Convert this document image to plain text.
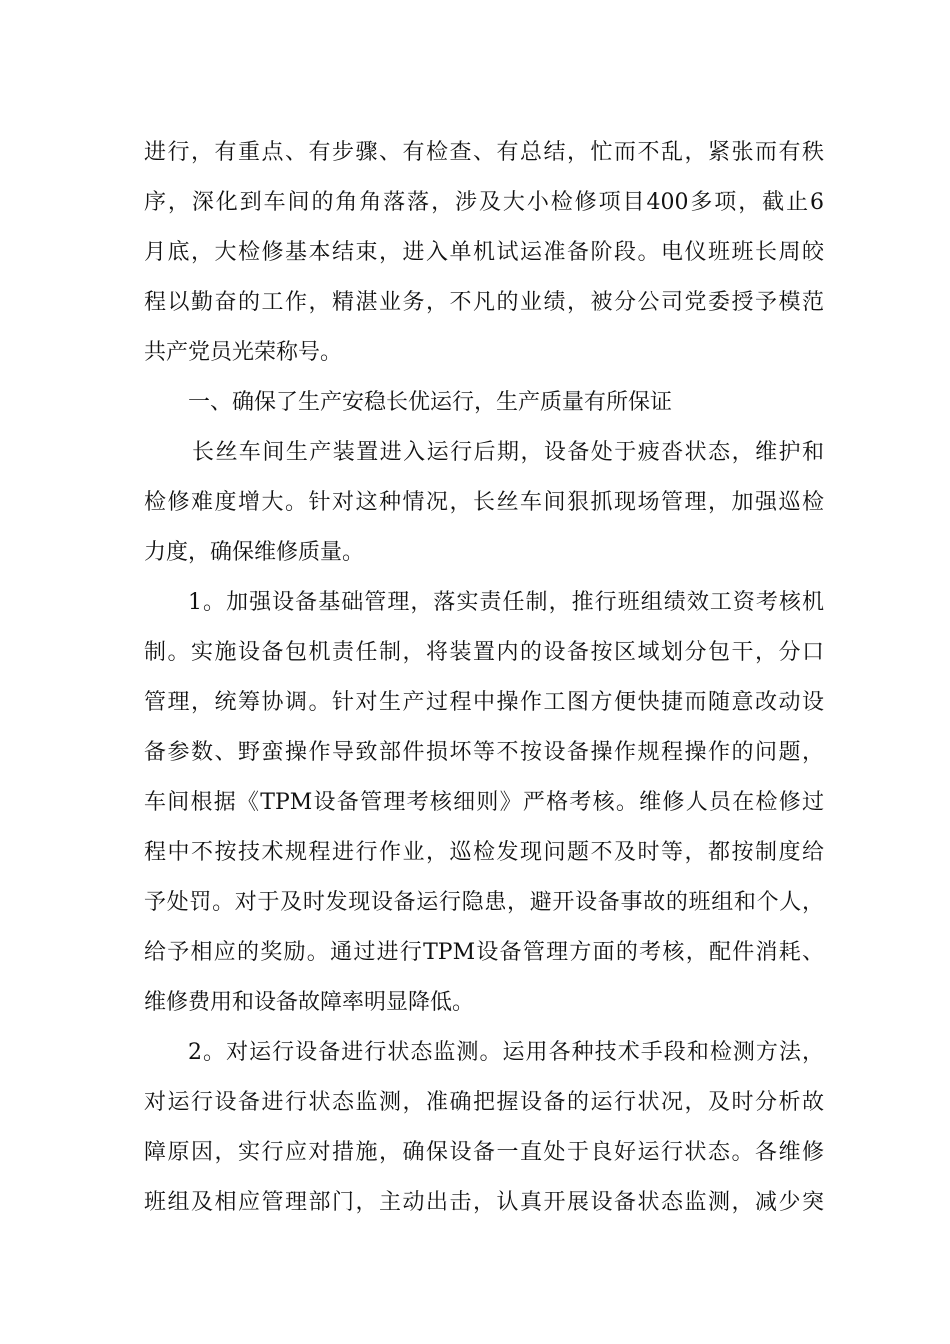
进行，有重点、有步骤、有检查、有总结，忙而不乱，紧张而有秩
序，深化到车间的角角落落，涉及大小检修项目400多项，截止6
月底，大检修基本结束，进入单机试运准备阶段。电仪班班长周皎
程以勤奋的工作，精湛业务，不凡的业绩，被分公司党委授予模范
共产党员光荣称号。
一、确保了生产安稳长优运行，生产质量有所保证
长丝车间生产装置进入运行后期，设备处于疲沓状态，维护和
检修难度增大。针对这种情况，长丝车间狠抓现场管理，加强巡检
力度，确保维修质量。
1。加强设备基础管理，落实责任制，推行班组绩效工资考核机
制。实施设备包机责任制，将装置内的设备按区域划分包干，分口
管理，统筹协调。针对生产过程中操作工图方便快捷而随意改动设
备参数、野蛮操作导致部件损坏等不按设备操作规程操作的问题，
车间根据《TPM设备管理考核细则》严格考核。维修人员在检修过
程中不按技术规程进行作业，巡检发现问题不及时等，都按制度给
予处罚。对于及时发现设备运行隐患，避开设备事故的班组和个人，
给予相应的奖励。通过进行TPM设备管理方面的考核，配件消耗、
维修费用和设备故障率明显降低。
2。对运行设备进行状态监测。运用各种技术手段和检测方法，
对运行设备进行状态监测，准确把握设备的运行状况，及时分析故
障原因，实行应对措施，确保设备一直处于良好运行状态。各维修
班组及相应管理部门，主动出击，认真开展设备状态监测，减少突
